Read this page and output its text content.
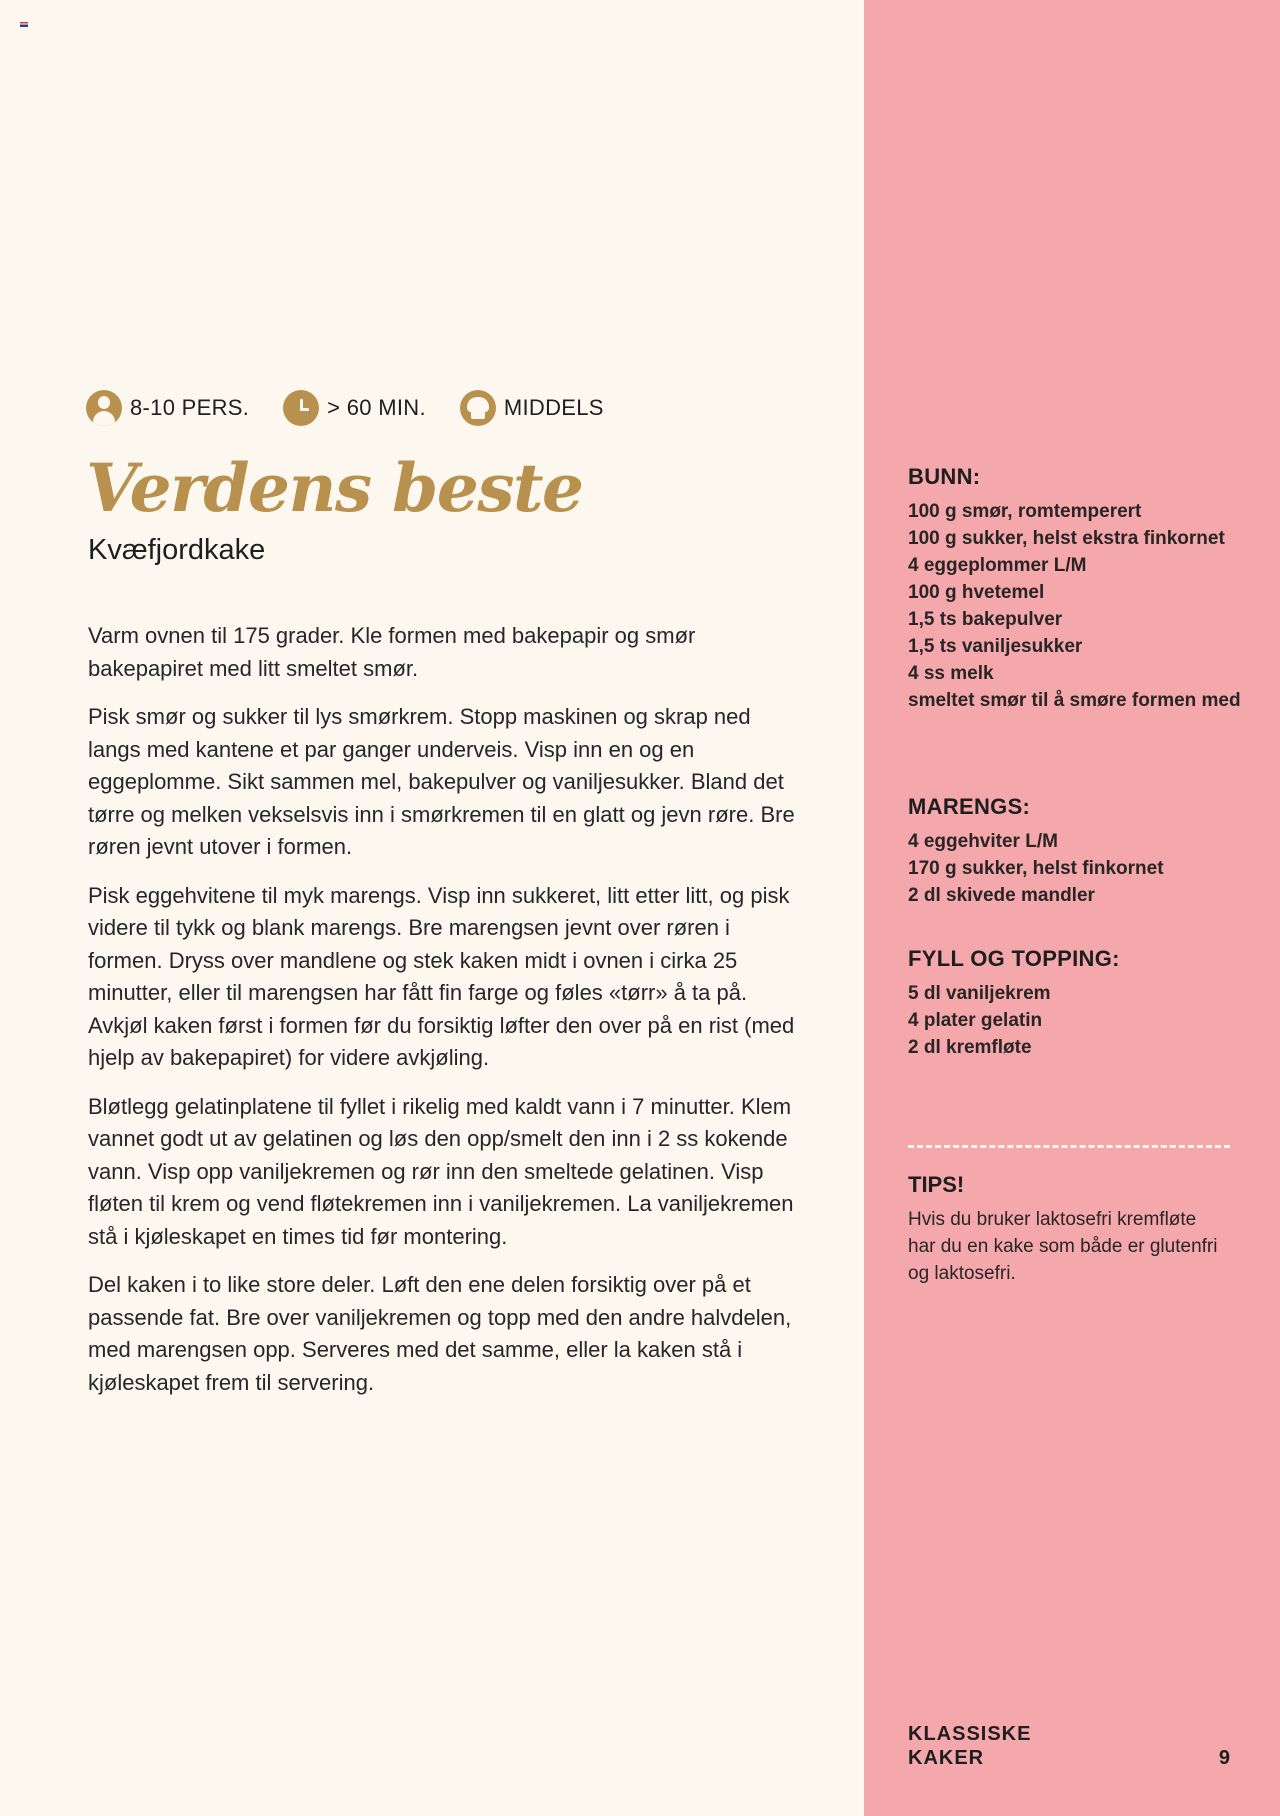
8-10 PERS.	> 60 MIN.	MIDDELS
Verdens beste
Kvæfjordkake

Varm ovnen til 175 grader. Kle formen med bakepapir og smør bakepapiret med litt smeltet smør.

Pisk smør og sukker til lys smørkrem. Stopp maskinen og skrap ned langs med kantene et par ganger underveis. Visp inn en og en eggeplomme. Sikt sammen mel, bakepulver og vaniljesukker. Bland det tørre og melken vekselsvis inn i smørkremen til en glatt og jevn røre. Bre røren jevnt utover i formen.

Pisk eggehvitene til myk marengs. Visp inn sukkeret, litt etter litt, og pisk videre til tykk og blank marengs. Bre marengsen jevnt over røren i formen. Dryss over mandlene og stek kaken midt i ovnen i cirka 25 minutter, eller til marengsen har fått fin farge og føles «tørr» å ta på. Avkjøl kaken først i formen før du forsiktig løfter den over på en rist (med hjelp av bakepapiret) for videre avkjøling.

Bløtlegg gelatinplatene til fyllet i rikelig med kaldt vann i 7 minutter. Klem vannet godt ut av gelatinen og løs den opp/smelt den inn i 2 ss kokende vann. Visp opp vaniljekremen og rør inn den smeltede gelatinen. Visp fløten til krem og vend fløtekremen inn i vaniljekremen. La vaniljekremen stå i kjøleskapet en times tid før montering.

Del kaken i to like store deler. Løft den ene delen forsiktig over på et passende fat. Bre over vaniljekremen og topp med den andre halvdelen, med marengsen opp. Serveres med det samme, eller la kaken stå i kjøleskapet frem til servering.

BUNN:
100 g smør, romtemperert
100 g sukker, helst ekstra finkornet
4 eggeplommer L/M
100 g hvetemel
1,5 ts bakepulver
1,5 ts vaniljesukker
4 ss melk
smeltet smør til å smøre formen med
MARENGS:
4 eggehviter L/M
170 g sukker, helst finkornet
2 dl skivede mandler
FYLL OG TOPPING:
5 dl vaniljekrem
4 plater gelatin
2 dl kremfløte
TIPS!

Hvis du bruker laktosefri kremfløte har du en kake som både er glutenfri og laktosefri.

KLASSISKE
KAKER	9
